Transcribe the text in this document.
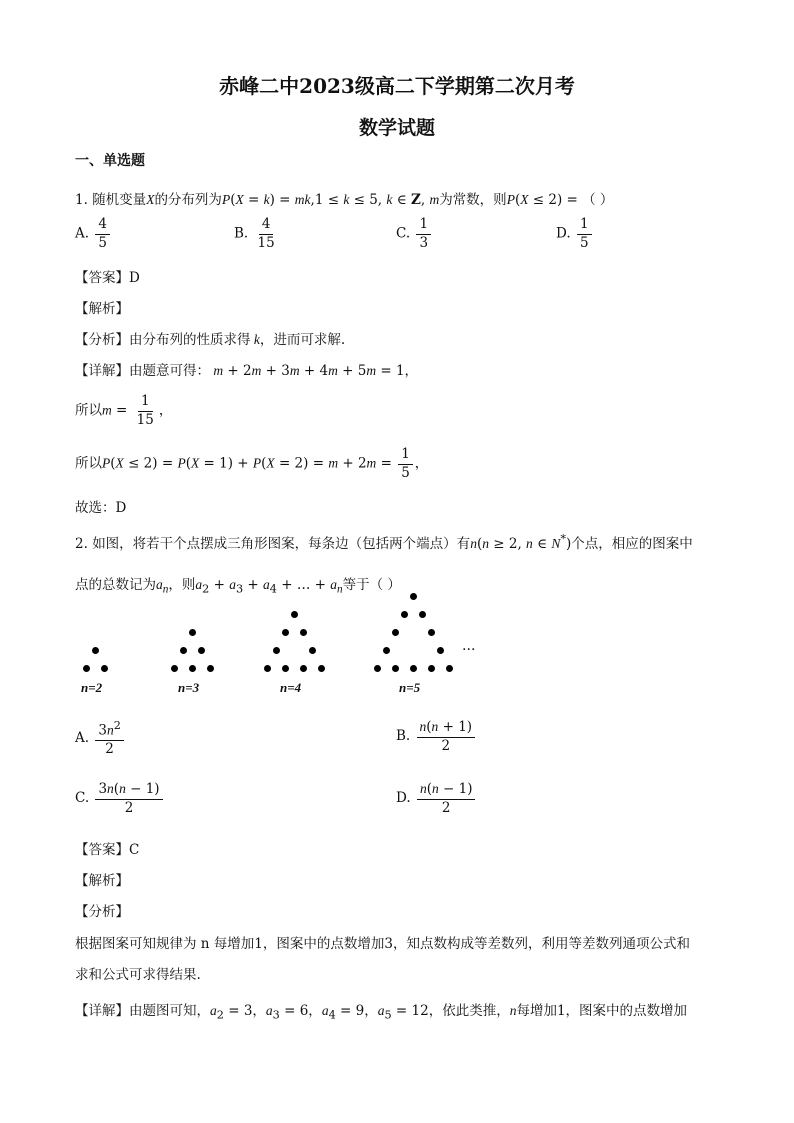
赤峰二中2023级高二下学期第二次月考
数学试题
一、单选题
1. 随机变量X的分布列为P(X = k) = mk,1 ≤ k ≤ 5, k ∈ Z, m为常数，则P(X ≤ 2) = （ ）
A. $\frac{4}{5}$	B. $\frac{4}{15}$	C. $\frac{1}{3}$	D. $\frac{1}{5}$
【答案】D
【解析】
【分析】由分布列的性质求得 k，进而可求解.
【详解】由题意可得： m + 2m + 3m + 4m + 5m = 1，
所以$m = \frac{1}{15}$ ，
所以$P(X \le 2) = P(X = 1) + P(X = 2) = m + 2m = \frac{1}{5}$ ，
故选：D
2. 如图，将若干个点摆成三角形图案，每条边（包括两个端点）有n(n ≥ 2, n ∈ N*)个点，相应的图案中
点的总数记为$a_n$，则$a_2 + a_3 + a_4$ + … + $a_n$等于（ ）
n=2	n=3	n=4	n=5
…
A. $\frac{3n^2}{2}$	B. $\frac{n(n + 1)}{2}$
C. $\frac{3n(n - 1)}{2}$	D. $\frac{n(n - 1)}{2}$
【答案】C
【解析】
【分析】
根据图案可知规律为 n 每增加1，图案中的点数增加3，知点数构成等差数列，利用等差数列通项公式和
求和公式可求得结果.
【详解】由题图可知，$a_2 = 3$，$a_3 = 6$，$a_4 = 9$，$a_5 = 12$，依此类推，n每增加1，图案中的点数增加
